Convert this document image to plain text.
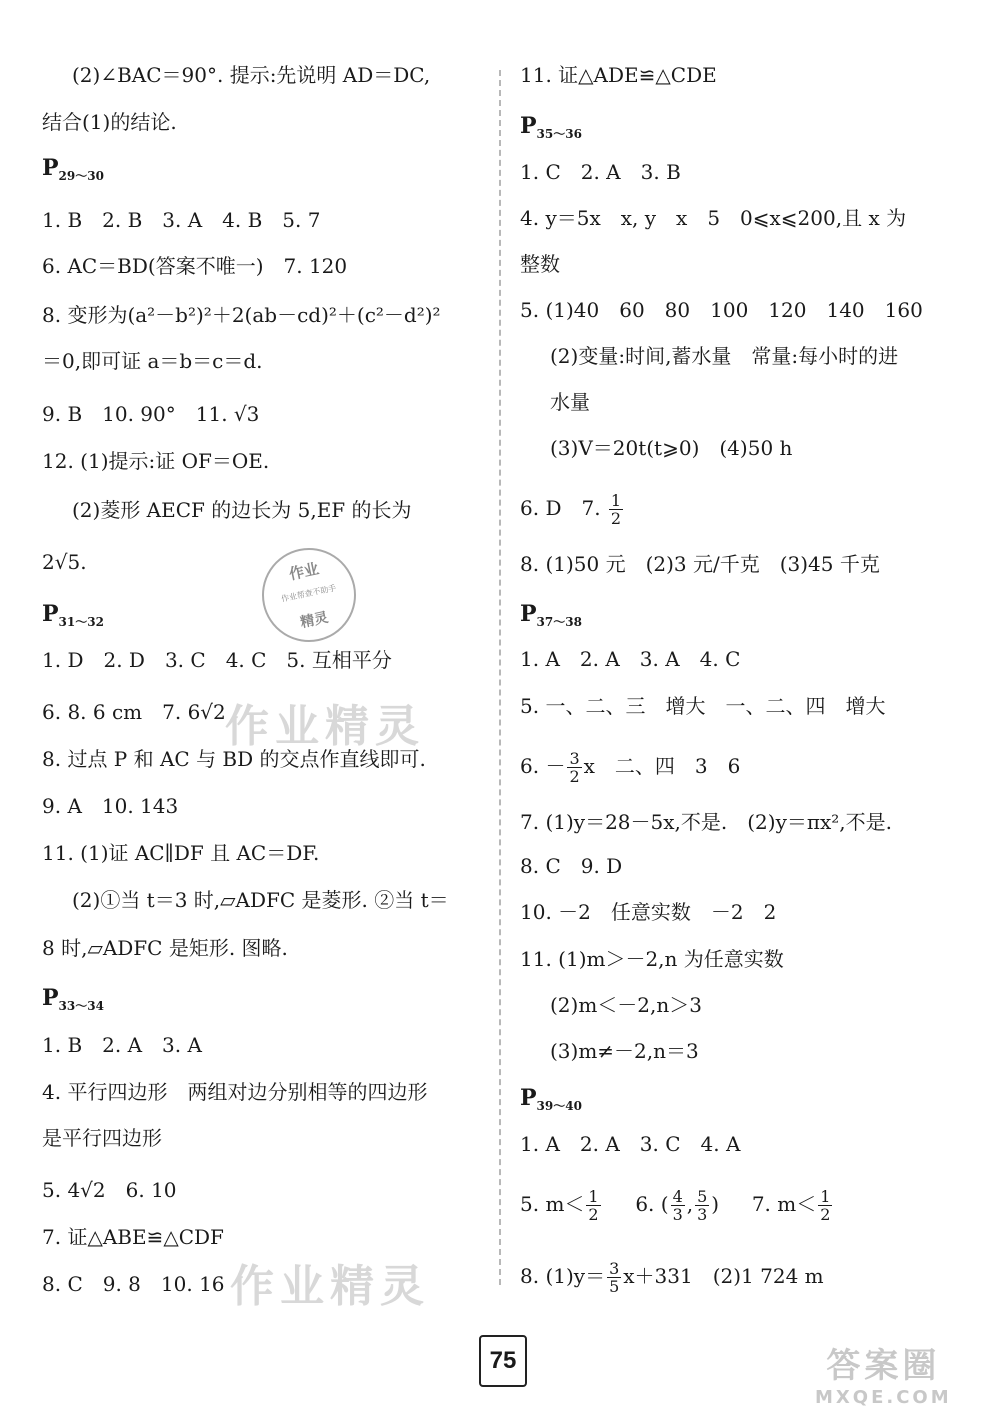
作业精灵
作业精灵
作业
作业帮查不助手
精灵
(2)∠BAC＝90°. 提示:先说明 AD＝DC,
结合(1)的结论.
$P_{29\sim 30}$
1. B　2. B　3. A　4. B　5. 7
6. AC＝BD(答案不唯一)　7. 120
8. 变形为(a²－b²)²＋2(ab－cd)²＋(c²－d²)²
＝0,即可证 a＝b＝c＝d.
9. B　10. 90°　11. √3
12. (1)提示:证 OF＝OE.
(2)菱形 AECF 的边长为 5,EF 的长为
2√5.
$P_{31\sim 32}$
1. D　2. D　3. C　4. C　5. 互相平分
6. 8. 6 cm　7. 6√2
8. 过点 P 和 AC 与 BD 的交点作直线即可.
9. A　10. 143
11. (1)证 AC∥DF 且 AC＝DF.
(2)①当 t＝3 时,▱ADFC 是菱形. ②当 t＝
8 时,▱ADFC 是矩形. 图略.
$P_{33\sim 34}$
1. B　2. A　3. A
4. 平行四边形　两组对边分别相等的四边形
是平行四边形
5. 4√2　6. 10
7. 证△ABE≌△CDF
8. C　9. 8　10. 16
11. 证△ADE≌△CDE
$P_{35\sim 36}$
1. C　2. A　3. B
4. y＝5x　x, y　x　5　0⩽x⩽200,且 x 为
整数
5. (1)40　60　80　100　120　140　160
(2)变量:时间,蓄水量　常量:每小时的进
水量
(3)V＝20t(t⩾0)　(4)50 h
6. D　7. $\frac{1}{2}$
8. (1)50 元　(2)3 元/千克　(3)45 千克
$P_{37\sim 38}$
1. A　2. A　3. A　4. C
5. 一、二、三　增大　一、二、四　增大
6. － $\frac{3}{2}$ x　二、四　3　6
7. (1)y＝28－5x,不是.　(2)y＝πx²,不是.
8. C　9. D
10. －2　任意实数　－2　2
11. (1)m＞－2,n 为任意实数
(2)m＜－2,n＞3
(3)m≠－2,n＝3
$P_{39\sim 40}$
1. A　2. A　3. C　4. A
5. $m< \frac{1}{2}$
　 6. ( $\frac{4}{3}$ , $\frac{5}{3}$ ) 　 7. $m< \frac{1}{2}$
8. $(1)y= \frac{3}{5} x+331$　(2)1 724 m
75	答案圈
MXQE.COM
